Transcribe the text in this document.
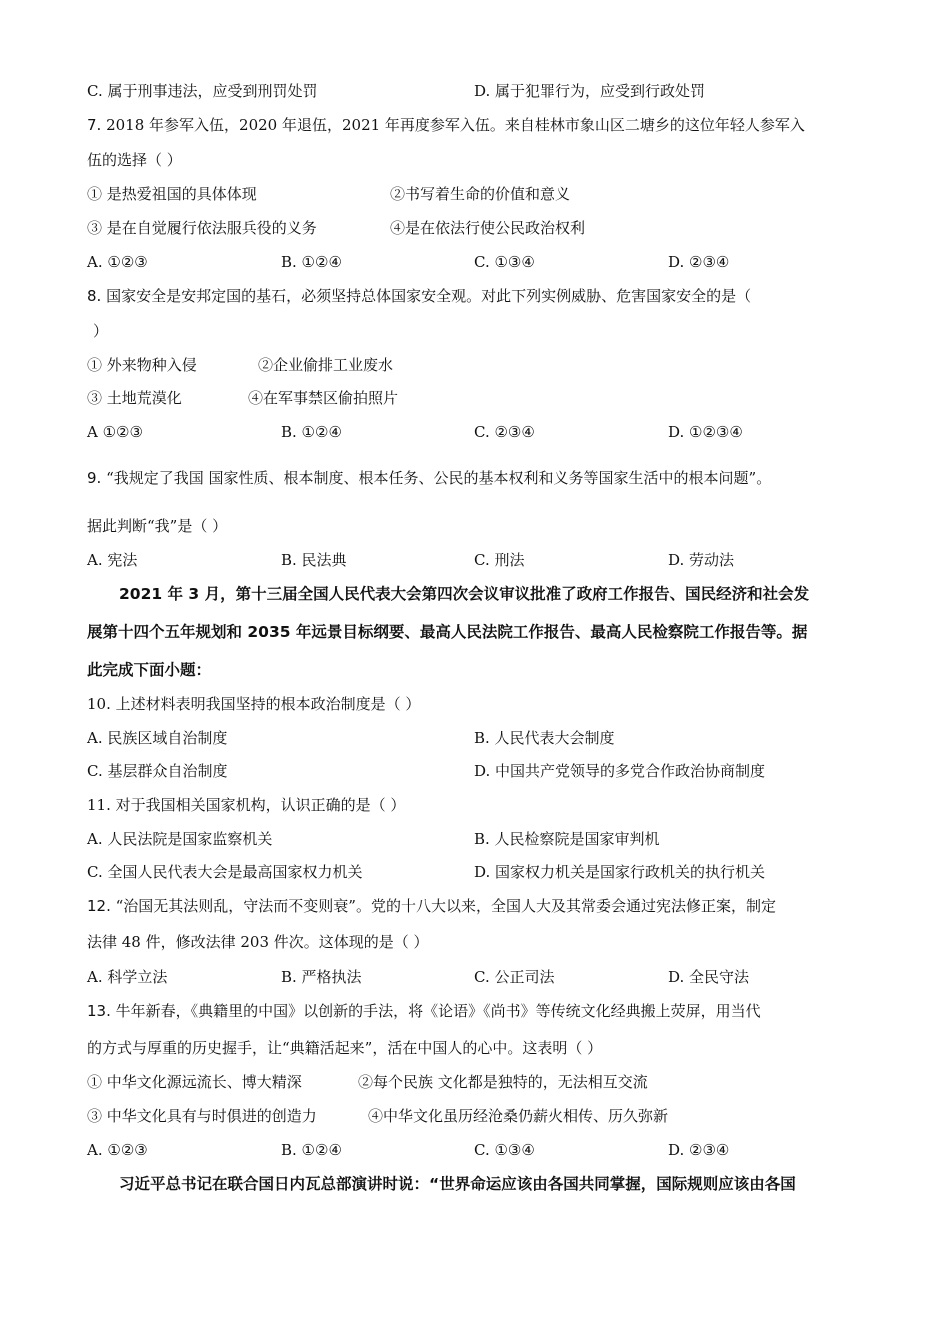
C. 属于刑事违法，应受到刑罚处罚	D. 属于犯罪行为，应受到行政处罚
7. 2018 年参军入伍，2020 年退伍，2021 年再度参军入伍。来自桂林市象山区二塘乡的这位年轻人参军入
伍的选择（ ）
① 是热爱祖国的具体体现	②书写着生命的价值和意义
③ 是在自觉履行依法服兵役的义务	④是在依法行使公民政治权利
A. ①②③	B. ①②④	C. ①③④	D. ②③④
8. 国家安全是安邦定国的基石，必须坚持总体国家安全观。对此下列实例威胁、危害国家安全的是（
）
① 外来物种入侵	②企业偷排工业废水
③ 土地荒漠化	④在军事禁区偷拍照片
A ①②③	B. ①②④	C. ②③④	D. ①②③④
9. “我规定了我国 国家性质、根本制度、根本任务、公民的基本权利和义务等国家生活中的根本问题”。
据此判断“我”是（ ）
A. 宪法	B. 民法典	C. 刑法	D. 劳动法
2021 年 3 月，第十三届全国人民代表大会第四次会议审议批准了政府工作报告、国民经济和社会发
展第十四个五年规划和 2035 年远景目标纲要、最高人民法院工作报告、最高人民检察院工作报告等。据
此完成下面小题：
10. 上述材料表明我国坚持的根本政治制度是（ ）
A. 民族区域自治制度	B. 人民代表大会制度
C. 基层群众自治制度	D. 中国共产党领导的多党合作政治协商制度
11. 对于我国相关国家机构，认识正确的是（ ）
A. 人民法院是国家监察机关	B. 人民检察院是国家审判机
C. 全国人民代表大会是最高国家权力机关	D. 国家权力机关是国家行政机关的执行机关
12. “治国无其法则乱，守法而不变则衰”。党的十八大以来，全国人大及其常委会通过宪法修正案，制定
法律 48 件，修改法律 203 件次。这体现的是（ ）
A. 科学立法	B. 严格执法	C. 公正司法	D. 全民守法
13. 牛年新春，《典籍里的中国》以创新的手法，将《论语》《尚书》等传统文化经典搬上荧屏，用当代
的方式与厚重的历史握手，让“典籍活起来”，活在中国人的心中。这表明（ ）
① 中华文化源远流长、博大精深	②每个民族 文化都是独特的，无法相互交流
③ 中华文化具有与时俱进的创造力	④中华文化虽历经沧桑仍薪火相传、历久弥新
A. ①②③	B. ①②④	C. ①③④	D. ②③④
习近平总书记在联合国日内瓦总部演讲时说：“世界命运应该由各国共同掌握，国际规则应该由各国
